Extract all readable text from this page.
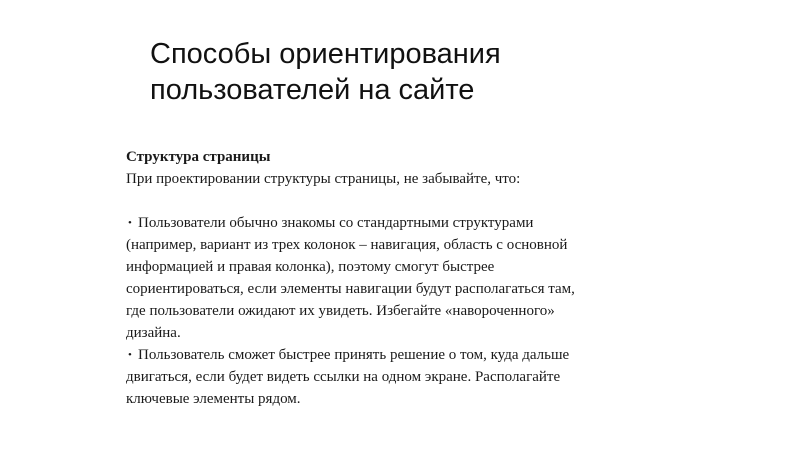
Способы ориентирования
пользователей на сайте
Структура страницы
При проектировании структуры страницы, не забывайте, что:
• Пользователи обычно знакомы со стандартными структурами
(например, вариант из трех колонок – навигация, область с основной
информацией и правая колонка), поэтому смогут быстрее
сориентироваться, если элементы навигации будут располагаться там,
где пользователи ожидают их увидеть. Избегайте «навороченного»
дизайна.
• Пользователь сможет быстрее принять решение о том, куда дальше
двигаться, если будет видеть ссылки на одном экране. Располагайте
ключевые элементы рядом.
